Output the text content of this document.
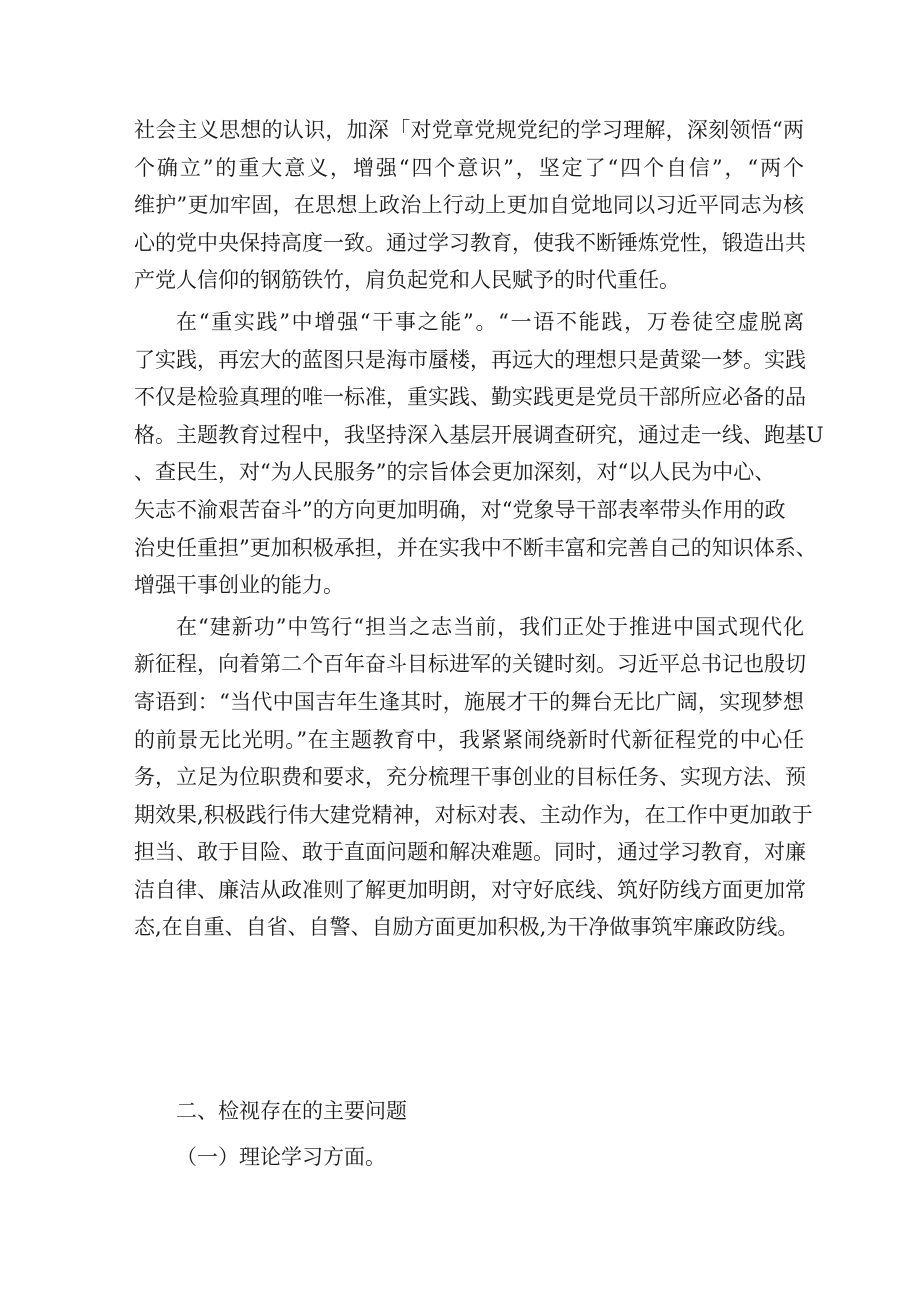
社会主义思想的认识，加深「对党章党规党纪的学习理解，深刻领悟“两
个确立”的重大意义，增强“四个意识”，坚定了“四个自信”，“两个
维护”更加牢固，在思想上政治上行动上更加自觉地同以习近平同志为核
心的党中央保持高度一致。通过学习教育，使我不断锤炼党性，锻造出共
产党人信仰的钢筋铁竹，肩负起党和人民赋予的时代重任。
在“重实践”中增强“干事之能”。“一语不能践，万卷徒空虚脱离
了实践，再宏大的蓝图只是海市蜃楼，再远大的理想只是黄粱一梦。实践
不仅是检验真理的唯一标准，重实践、勤实践更是党员干部所应必备的品
格。主题教育过程中，我坚持深入基层开展调查研究，通过走一线、跑基U
、查民生，对“为人民服务”的宗旨体会更加深刻，对“以人民为中心、
矢志不渝艰苦奋斗”的方向更加明确，对“党象导干部表率带头作用的政
治史任重担”更加积极承担，并在实我中不断丰富和完善自己的知识体系、
增强干事创业的能力。
在“建新功”中笃行“担当之志当前，我们正处于推进中国式现代化
新征程，向着第二个百年奋斗目标进军的关键时刻。习近平总书记也殷切
寄语到：“当代中国吉年生逢其时，施展才干的舞台无比广阔，实现梦想
的前景无比光明。”在主题教育中，我紧紧闹绕新时代新征程党的中心任
务，立足为位职费和要求，充分梳理干事创业的目标任务、实现方法、预
期效果,积极践行伟大建党精神，对标对表、主动作为，在工作中更加敢于
担当、敢于目险、敢于直面问题和解决难题。同时，通过学习教育，对廉
洁自律、廉洁从政准则了解更加明朗，对守好底线、筑好防线方面更加常
态,在自重、自省、自警、自励方面更加积极,为干净做事筑牢廉政防线。
二、检视存在的主要问题
（一）理论学习方面。
